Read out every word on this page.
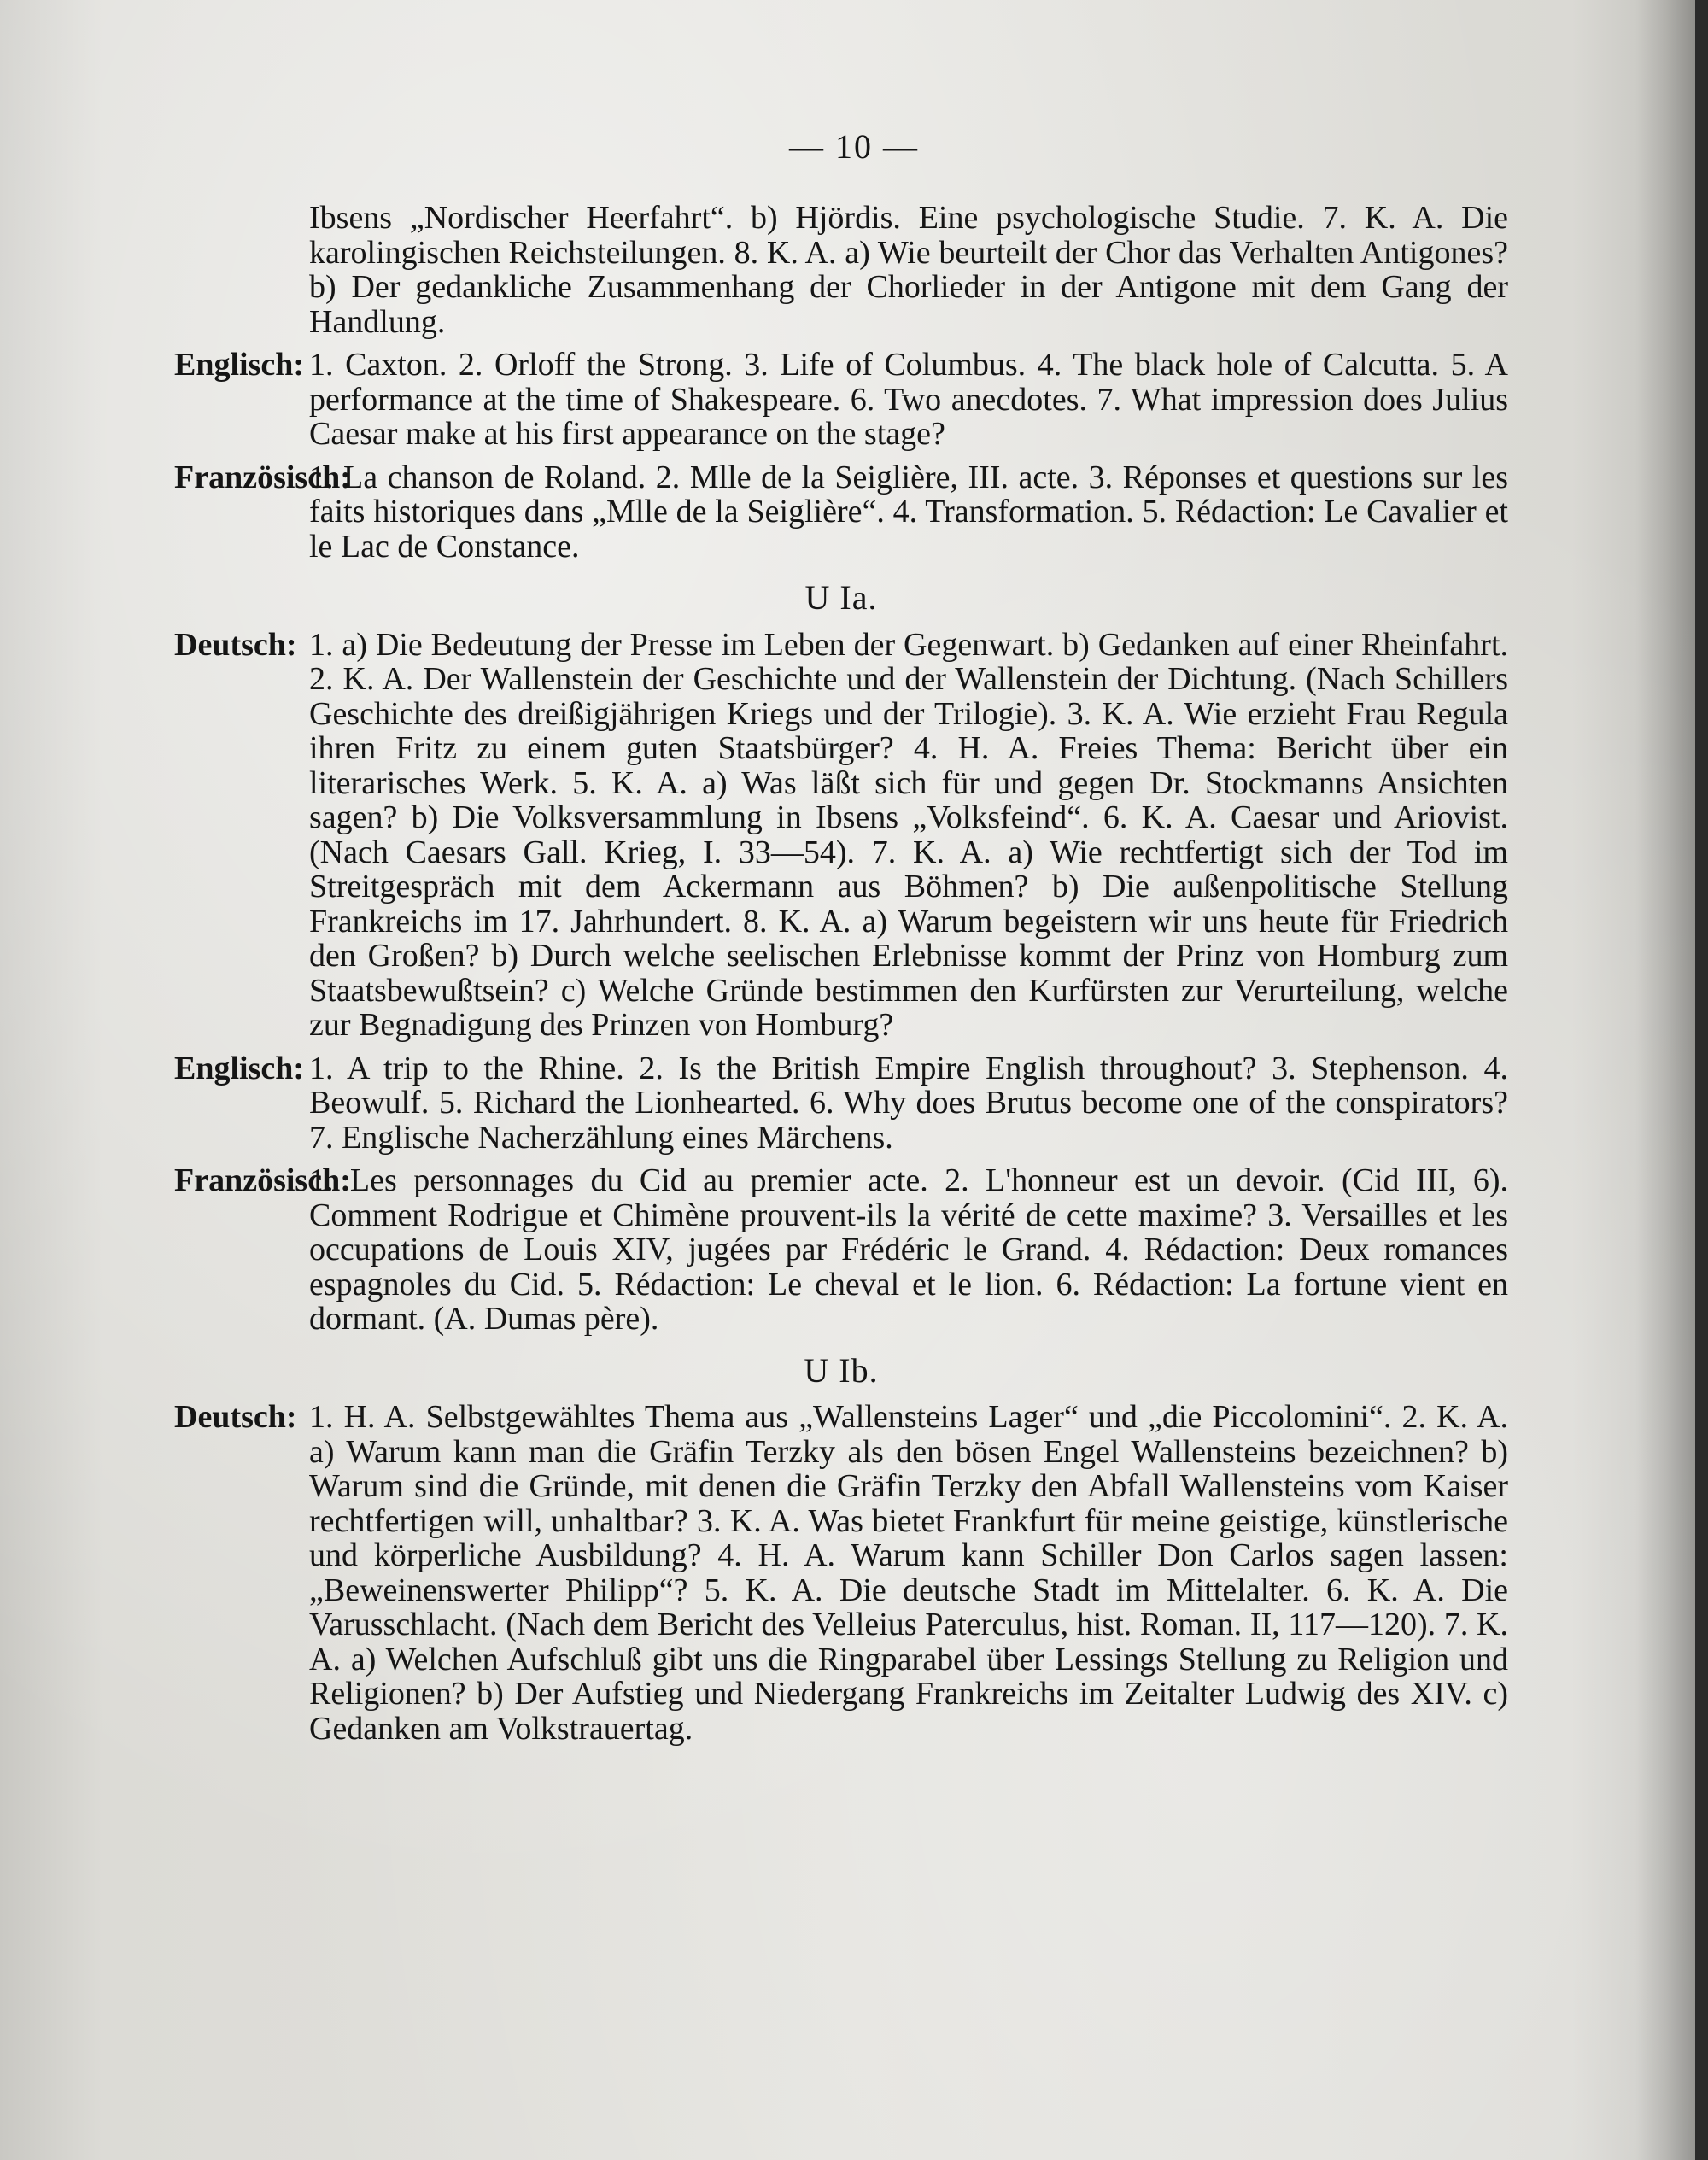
— 10 —

Ibsens „Nordischer Heerfahrt“. b) Hjördis. Eine psychologische Studie. 7. K. A. Die karolingischen Reichsteilungen. 8. K. A. a) Wie beurteilt der Chor das Verhalten Antigones? b) Der gedankliche Zusammenhang der Chorlieder in der Antigone mit dem Gang der Handlung.

Englisch: 1. Caxton. 2. Orloff the Strong. 3. Life of Columbus. 4. The black hole of Calcutta. 5. A performance at the time of Shakespeare. 6. Two anecdotes. 7. What impression does Julius Caesar make at his first appearance on the stage?
Französisch:
1. La chanson de Roland. 2. Mlle de la Seiglière, III. acte. 3. Réponses et questions sur les faits historiques dans „Mlle de la Seiglière“. 4. Transformation. 5. Rédaction: Le Cavalier et le Lac de Constance.
U Ia.
Deutsch: 1. a) Die Bedeutung der Presse im Leben der Gegenwart. b) Gedanken auf einer Rheinfahrt. 2. K. A. Der Wallenstein der Geschichte und der Wallenstein der Dichtung. (Nach Schillers Geschichte des dreißigjährigen Kriegs und der Trilogie). 3. K. A. Wie erzieht Frau Regula ihren Fritz zu einem guten Staatsbürger? 4. H. A. Freies Thema: Bericht über ein literarisches Werk. 5. K. A. a) Was läßt sich für und gegen Dr. Stockmanns Ansichten sagen? b) Die Volksversammlung in Ibsens „Volksfeind“. 6. K. A. Caesar und Ariovist. (Nach Caesars Gall. Krieg, I. 33—54). 7. K. A. a) Wie rechtfertigt sich der Tod im Streitgespräch mit dem Ackermann aus Böhmen? b) Die außenpolitische Stellung Frankreichs im 17. Jahrhundert. 8. K. A. a) Warum begeistern wir uns heute für Friedrich den Großen? b) Durch welche seelischen Erlebnisse kommt der Prinz von Homburg zum Staatsbewußtsein? c) Welche Gründe bestimmen den Kurfürsten zur Verurteilung, welche zur Begnadigung des Prinzen von Homburg?
Englisch: 1. A trip to the Rhine. 2. Is the British Empire English throughout? 3. Stephenson. 4. Beowulf. 5. Richard the Lionhearted. 6. Why does Brutus become one of the conspirators? 7. Englische Nacherzählung eines Märchens.
Französisch:
1. Les personnages du Cid au premier acte. 2. L'honneur est un devoir. (Cid III, 6). Comment Rodrigue et Chimène prouvent-ils la vérité de cette maxime? 3. Versailles et les occupations de Louis XIV, jugées par Frédéric le Grand. 4. Rédaction: Deux romances espagnoles du Cid. 5. Rédaction: Le cheval et le lion. 6. Rédaction: La fortune vient en dormant. (A. Dumas père).
U Ib.
Deutsch: 1. H. A. Selbstgewähltes Thema aus „Wallensteins Lager“ und „die Piccolomini“. 2. K. A. a) Warum kann man die Gräfin Terzky als den bösen Engel Wallensteins bezeichnen? b) Warum sind die Gründe, mit denen die Gräfin Terzky den Abfall Wallensteins vom Kaiser rechtfertigen will, unhaltbar? 3. K. A. Was bietet Frankfurt für meine geistige, künstlerische und körperliche Ausbildung? 4. H. A. Warum kann Schiller Don Carlos sagen lassen: „Beweinenswerter Philipp“? 5. K. A. Die deutsche Stadt im Mittelalter. 6. K. A. Die Varusschlacht. (Nach dem Bericht des Velleius Paterculus, hist. Roman. II, 117—120). 7. K. A. a) Welchen Aufschluß gibt uns die Ringparabel über Lessings Stellung zu Religion und Religionen? b) Der Aufstieg und Niedergang Frankreichs im Zeitalter Ludwig des XIV. c) Gedanken am Volkstrauertag.
